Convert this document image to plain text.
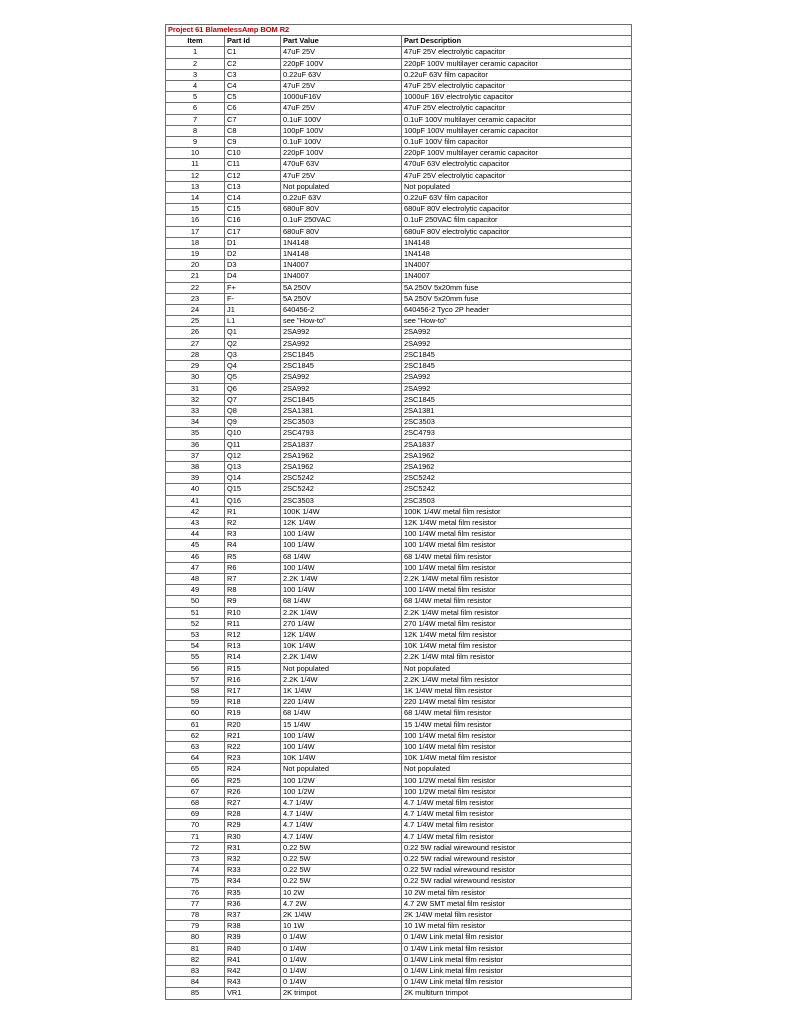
Project 61 BlamelessAmp BOM R2			
Item	Part Id	Part Value	Part Description
1	C1	47uF 25V	47uF 25V electrolytic capacitor
2	C2	220pF 100V	220pF 100V multilayer ceramic capacitor
3	C3	0.22uF 63V	0.22uF 63V film capacitor
4	C4	47uF 25V	47uF 25V electrolytic capacitor
5	C5	1000uF16V	1000uF 16V electrolytic capacitor
6	C6	47uF 25V	47uF 25V electrolytic capacitor
7	C7	0.1uF 100V	0.1uF 100V multilayer ceramic capacitor
8	C8	100pF 100V	100pF 100V multilayer ceramic capacitor
9	C9	0.1uF 100V	0.1uF 100V film capacitor
10	C10	220pF 100V	220pF 100V multilayer ceramic capacitor
11	C11	470uF 63V	470uF 63V electrolytic capacitor
12	C12	47uF 25V	47uF 25V electrolytic capacitor
13	C13	Not populated	Not populated
14	C14	0.22uF 63V	0.22uF 63V film capacitor
15	C15	680uF 80V	680uF 80V electrolytic capacitor
16	C16	0.1uF 250VAC	0.1uF 250VAC film capacitor
17	C17	680uF 80V	680uF 80V electrolytic capacitor
18	D1	1N4148	1N4148
19	D2	1N4148	1N4148
20	D3	1N4007	1N4007
21	D4	1N4007	1N4007
22	F+	5A 250V	5A 250V 5x20mm fuse
23	F-	5A 250V	5A 250V 5x20mm fuse
24	J1	640456-2	640456-2 Tyco 2P header
25	L1	see "How-to"	see "How-to"
26	Q1	2SA992	2SA992
27	Q2	2SA992	2SA992
28	Q3	2SC1845	2SC1845
29	Q4	2SC1845	2SC1845
30	Q5	2SA992	2SA992
31	Q6	2SA992	2SA992
32	Q7	2SC1845	2SC1845
33	Q8	2SA1381	2SA1381
34	Q9	2SC3503	2SC3503
35	Q10	2SC4793	2SC4793
36	Q11	2SA1837	2SA1837
37	Q12	2SA1962	2SA1962
38	Q13	2SA1962	2SA1962
39	Q14	2SC5242	2SC5242
40	Q15	2SC5242	2SC5242
41	Q16	2SC3503	2SC3503
42	R1	100K 1/4W	100K 1/4W metal film resistor
43	R2	12K 1/4W	12K 1/4W metal film resistor
44	R3	100 1/4W	100 1/4W metal film resistor
45	R4	100 1/4W	100 1/4W metal film resistor
46	R5	68 1/4W	68 1/4W metal film resistor
47	R6	100 1/4W	100 1/4W metal film resistor
48	R7	2.2K 1/4W	2.2K 1/4W metal film resistor
49	R8	100 1/4W	100 1/4W metal film resistor
50	R9	68 1/4W	68 1/4W metal film resistor
51	R10	2.2K 1/4W	2.2K 1/4W metal film resistor
52	R11	270 1/4W	270 1/4W metal film resistor
53	R12	12K 1/4W	12K 1/4W metal film resistor
54	R13	10K 1/4W	10K 1/4W metal film resistor
55	R14	2.2K 1/4W	2.2K 1/4W mtal film resistor
56	R15	Not populated	Not populated
57	R16	2.2K 1/4W	2.2K 1/4W metal film resistor
58	R17	1K 1/4W	1K 1/4W metal film resistor
59	R18	220 1/4W	220 1/4W metal film resistor
60	R19	68 1/4W	68 1/4W metal film resistor
61	R20	15 1/4W	15 1/4W metal film resistor
62	R21	100 1/4W	100 1/4W metal film resistor
63	R22	100 1/4W	100 1/4W metal film resistor
64	R23	10K 1/4W	10K 1/4W metal film resistor
65	R24	Not populated	Not populated
66	R25	100 1/2W	100 1/2W metal film resistor
67	R26	100 1/2W	100 1/2W metal film resistor
68	R27	4.7 1/4W	4.7 1/4W metal film resistor
69	R28	4.7 1/4W	4.7 1/4W metal film resistor
70	R29	4.7 1/4W	4.7 1/4W metal film resistor
71	R30	4.7 1/4W	4.7 1/4W metal film resistor
72	R31	0.22 5W	0.22 5W radial wirewound resistor
73	R32	0.22 5W	0.22 5W radial wirewound resistor
74	R33	0.22 5W	0.22 5W radial wirewound resistor
75	R34	0.22 5W	0.22 5W radial wirewound resistor
76	R35	10 2W	10 2W metal film resistor
77	R36	4.7 2W	4.7 2W SMT metal film resistor
78	R37	2K 1/4W	2K 1/4W metal film resistor
79	R38	10 1W	10 1W metal film resistor
80	R39	0 1/4W	0 1/4W Link metal film resistor
81	R40	0 1/4W	0 1/4W Link metal film resistor
82	R41	0 1/4W	0 1/4W Link metal film resistor
83	R42	0 1/4W	0 1/4W Link metal film resistor
84	R43	0 1/4W	0 1/4W Link metal film resistor
85	VR1	2K trimpot	2K multiturn trimpot
